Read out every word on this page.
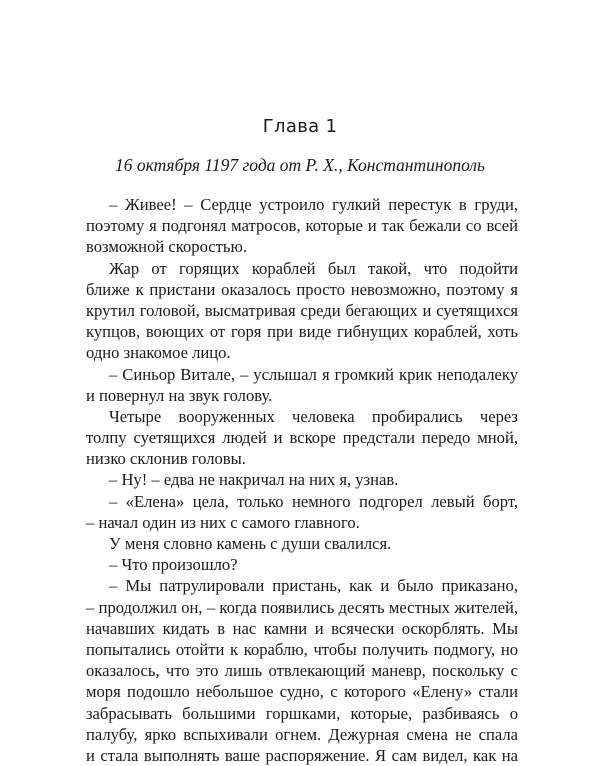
Глава 1
16 октября 1197 года от Р. Х., Константинополь
– Живее! – Сердце устроило гулкий перестук в груди,
поэтому я подгонял матросов, которые и так бежали со всей
возможной скоростью.
Жар от горящих кораблей был такой, что подойти
ближе к пристани оказалось просто невозможно, поэтому я
крутил головой, высматривая среди бегающих и суетящихся
купцов, воющих от горя при виде гибнущих кораблей, хоть
одно знакомое лицо.
– Синьор Витале, – услышал я громкий крик неподалеку
и повернул на звук голову.
Четыре вооруженных человека пробирались через
толпу суетящихся людей и вскоре предстали передо мной,
низко склонив головы.
– Ну! – едва не накричал на них я, узнав.
– «Елена» цела, только немного подгорел левый борт,
– начал один из них с самого главного.
У меня словно камень с души свалился.
– Что произошло?
– Мы патрулировали пристань, как и было приказано,
– продолжил он, – когда появились десять местных жителей,
начавших кидать в нас камни и всячески оскорблять. Мы
попытались отойти к кораблю, чтобы получить подмогу, но
оказалось, что это лишь отвлекающий маневр, поскольку с
моря подошло небольшое судно, с которого «Елену» стали
забрасывать большими горшками, которые, разбиваясь о
палубу, ярко вспыхивали огнем. Дежурная смена не спала
и стала выполнять ваше распоряжение. Я сам видел, как на
